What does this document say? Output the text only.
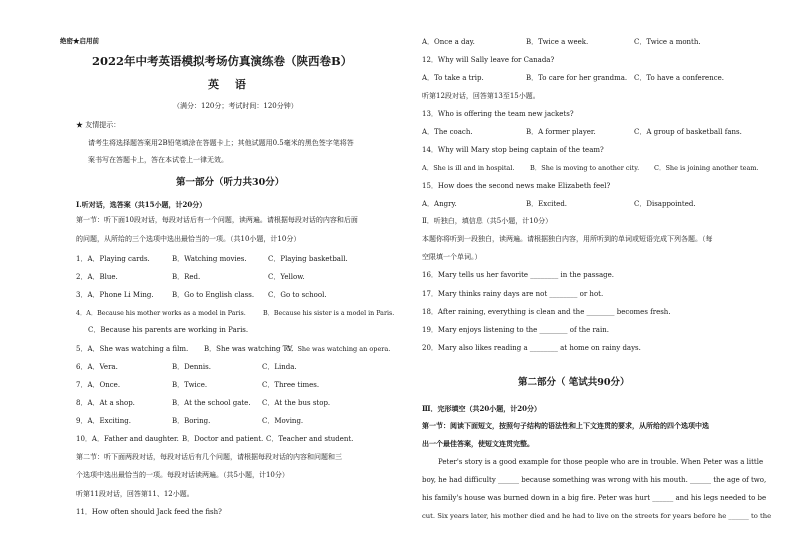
绝密★启用前
2022年中考英语模拟考场仿真演练卷（陕西卷B）
英 语
（满分：120分；考试时间：120分钟）
★ 友情提示：
请考生将选择题答案用2B铅笔填涂在答题卡上；其他试题用0.5毫米的黑色签字笔将答
案书写在答题卡上，答在本试卷上一律无效。
第一部分（听力共30分）
I.听对话，选答案（共15小题，计20分）
第一节：听下面10段对话，每段对话后有一个问题，读两遍。请根据每段对话的内容和后面
的问题，从所给的三个选项中选出最恰当的一项。（共10小题，计10分）
1．A．Playing cards.	B．Watching movies.	C．Playing basketball.
2．A．Blue.	B．Red.	C．Yellow.
3．A．Phone Li Ming.	B．Go to English class. C．Go to school.
4．A．Because his mother works as a model in Paris.	B．Because his sister is a model in Paris.
C．Because his parents are working in Paris.
5．A．She was watching a film. B．She was watching TV.
C．She was watching an opera.
6．A．Vera.	B．Dennis.	C．Linda.
7．A．Once.	B．Twice.	C．Three times.
8．A．At a shop.	B．At the school gate. C．At the bus stop.
9．A．Exciting.	B．Boring.	C．Moving.
10．A．Father and daughter. B．Doctor and patient. C．Teacher and student.
第二节：听下面两段对话，每段对话后有几个问题，请根据每段对话的内容和问题和三
个选项中选出最恰当的一项。每段对话读两遍。（共5小题，计10分）
听第11段对话，回答第11、12小题。
11．How often should Jack feed the fish?
A．Once a day.	B．Twice a week.	C．Twice a month.
12．Why will Sally leave for Canada?
A．To take a trip.	B．To care for her grandma. C．To have a conference.
听第12段对话，回答第13至15小题。
13．Who is offering the team new jackets?
A．The coach.	B．A former player.	C．A group of basketball fans.
14．Why will Mary stop being captain of the team?
A．She is ill and in hospital. B．She is moving to another city. C．She is joining another team.
15．How does the second news make Elizabeth feel?
A．Angry.	B．Excited.	C．Disappointed.
Ⅱ．听独白，填信息（共5小题，计10分）
本题你将听到一段独白，读两遍。请根据独白内容，用所听到的单词或短语完成下列各题。（每
空限填一个单词。）
16．Mary tells us her favorite ________ in the passage.
17．Mary thinks rainy days are not ________ or hot.
18．After raining, everything is clean and the ________ becomes fresh.
19．Mary enjoys listening to the ________ of the rain.
20．Mary also likes reading a ________ at home on rainy days.
第二部分（ 笔试共90分）
Ⅲ．完形填空（共20小题，计20分）
第一节：阅读下面短文，按照句子结构的语法性和上下文连贯的要求，从所给的四个选项中选
出一个最佳答案，使短文连贯完整。
Peter's story is a good example for those people who are in trouble. When Peter was a little
boy, he had difficulty ______ because something was wrong with his mouth. ______ the age of two,
his family's house was burned down in a big fire. Peter was hurt ______ and his legs needed to be
cut. Six years later, his mother died and he had to live on the streets for years before he ______ to the
